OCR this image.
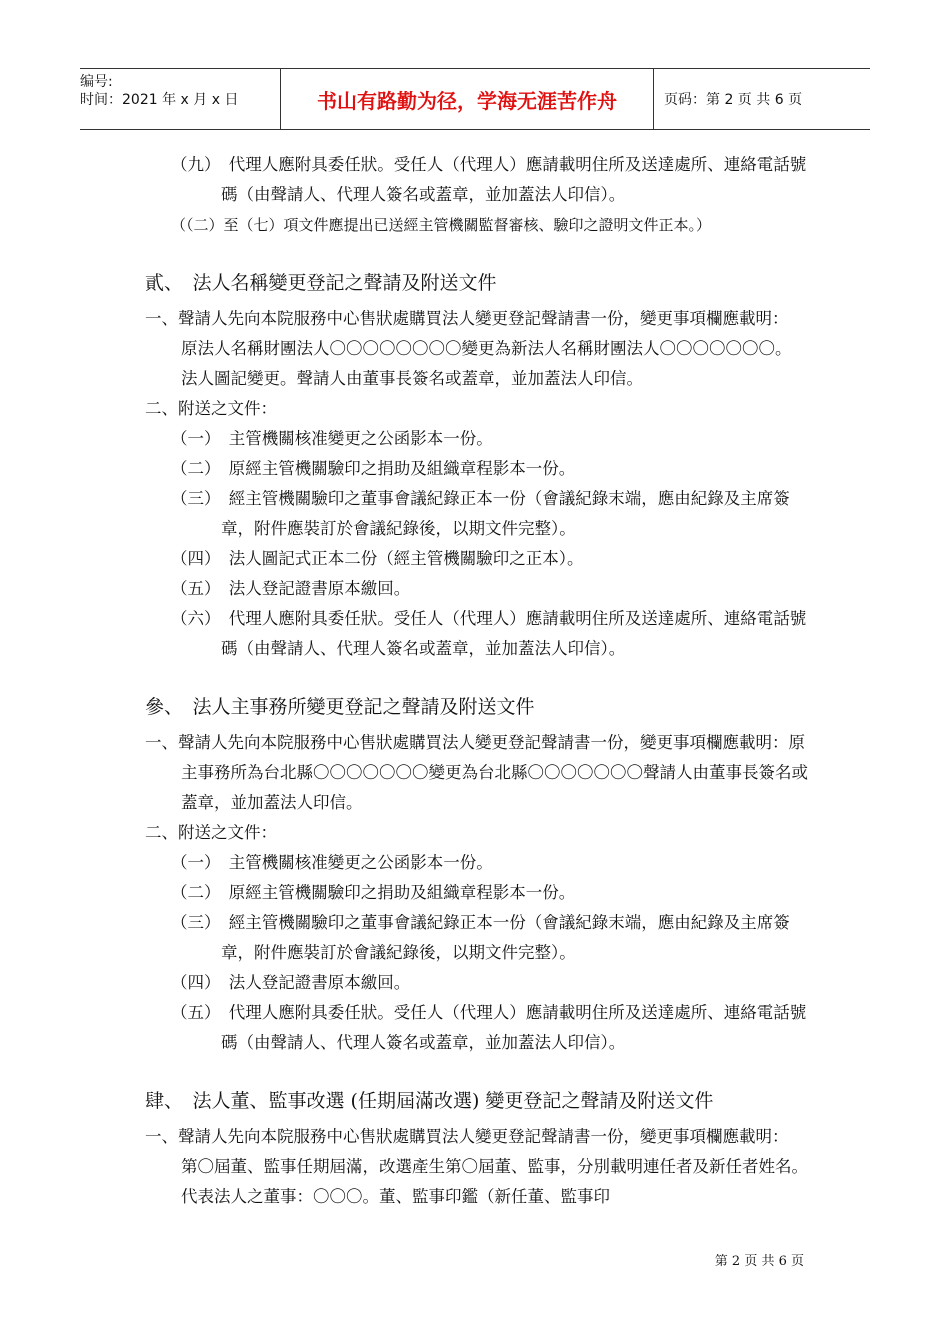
编号:
时间：2021 年 x 月 x 日	书山有路勤为径，学海无涯苦作舟	页码：第 2 页 共 6 页
（九）　代理人應附具委任狀。受任人（代理人）應請載明住所及送達處所、連絡電話號碼（由聲請人、代理人簽名或蓋章，並加蓋法人印信）。
（（二）至（七）項文件應提出已送經主管機關監督審核、驗印之證明文件正本。）
貳、　法人名稱變更登記之聲請及附送文件
一、聲請人先向本院服務中心售狀處購買法人變更登記聲請書一份，變更事項欄應載明：　原法人名稱財團法人〇〇〇〇〇〇〇〇變更為新法人名稱財團法人〇〇〇〇〇〇〇。 法人圖記變更。聲請人由董事長簽名或蓋章，並加蓋法人印信。
二、附送之文件：
（一）　主管機關核准變更之公函影本一份。
（二）　原經主管機關驗印之捐助及組織章程影本一份。
（三）　經主管機關驗印之董事會議紀錄正本一份（會議紀錄末端，應由紀錄及主席簽章，附件應裝訂於會議紀錄後，以期文件完整）。
（四）　法人圖記式正本二份（經主管機關驗印之正本）。
（五）　法人登記證書原本繳回。
（六）　代理人應附具委任狀。受任人（代理人）應請載明住所及送達處所、連絡電話號碼（由聲請人、代理人簽名或蓋章，並加蓋法人印信）。
參、　法人主事務所變更登記之聲請及附送文件
一、聲請人先向本院服務中心售狀處購買法人變更登記聲請書一份，變更事項欄應載明：原主事務所為台北縣〇〇〇〇〇〇〇變更為台北縣〇〇〇〇〇〇〇聲請人由董事長簽名或蓋章，並加蓋法人印信。
二、附送之文件：
（一）　主管機關核准變更之公函影本一份。
（二）　原經主管機關驗印之捐助及組織章程影本一份。
（三）　經主管機關驗印之董事會議紀錄正本一份（會議紀錄末端，應由紀錄及主席簽章，附件應裝訂於會議紀錄後，以期文件完整）。
（四）　法人登記證書原本繳回。
（五）　代理人應附具委任狀。受任人（代理人）應請載明住所及送達處所、連絡電話號碼（由聲請人、代理人簽名或蓋章，並加蓋法人印信）。
肆、　法人董、監事改選 (任期屆滿改選) 變更登記之聲請及附送文件
一、聲請人先向本院服務中心售狀處購買法人變更登記聲請書一份，變更事項欄應載明：　第〇屆董、監事任期屆滿，改選產生第〇屆董、監事，分別載明連任者及新任者姓名。代表法人之董事：〇〇〇。董、監事印鑑（新任董、監事印
第 2 页 共 6 页
